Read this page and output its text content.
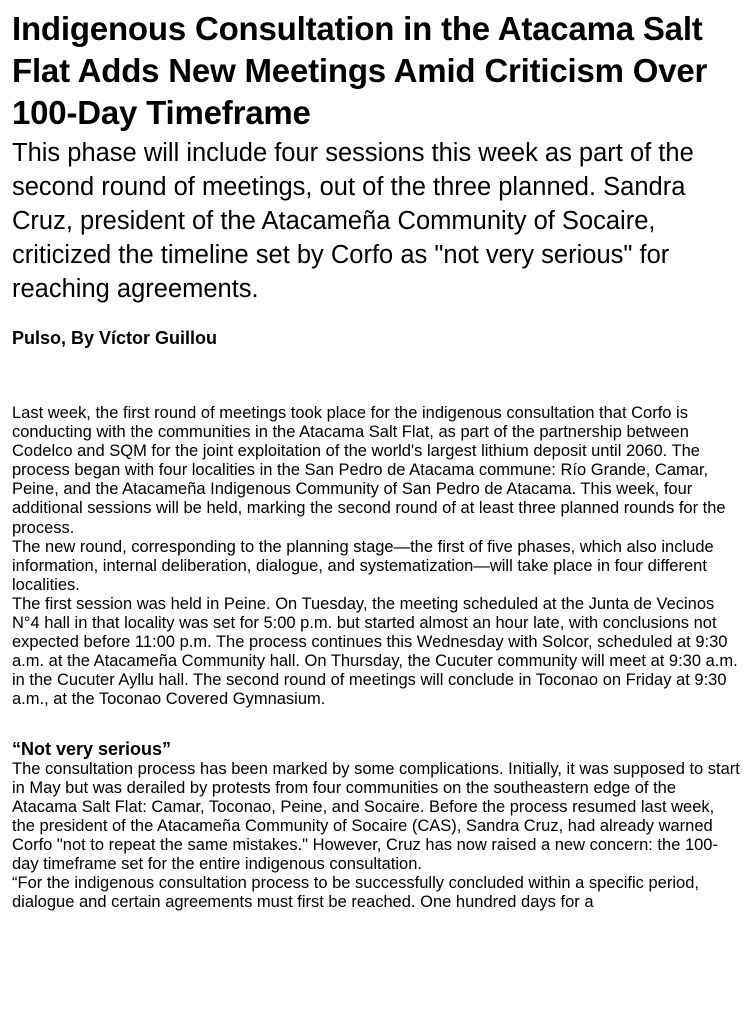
Indigenous Consultation in the Atacama Salt Flat Adds New Meetings Amid Criticism Over 100-Day Timeframe
This phase will include four sessions this week as part of the second round of meetings, out of the three planned. Sandra Cruz, president of the Atacameña Community of Socaire, criticized the timeline set by Corfo as "not very serious" for reaching agreements.

Pulso, By Víctor Guillou

Last week, the first round of meetings took place for the indigenous consultation that Corfo is conducting with the communities in the Atacama Salt Flat, as part of the partnership between Codelco and SQM for the joint exploitation of the world's largest lithium deposit until 2060. The process began with four localities in the San Pedro de Atacama commune: Río Grande, Camar, Peine, and the Atacameña Indigenous Community of San Pedro de Atacama. This week, four additional sessions will be held, marking the second round of at least three planned rounds for the process.

The new round, corresponding to the planning stage—the first of five phases, which also include information, internal deliberation, dialogue, and systematization—will take place in four different localities.

The first session was held in Peine. On Tuesday, the meeting scheduled at the Junta de Vecinos N°4 hall in that locality was set for 5:00 p.m. but started almost an hour late, with conclusions not expected before 11:00 p.m. The process continues this Wednesday with Solcor, scheduled at 9:30 a.m. at the Atacameña Community hall. On Thursday, the Cucuter community will meet at 9:30 a.m. in the Cucuter Ayllu hall. The second round of meetings will conclude in Toconao on Friday at 9:30 a.m., at the Toconao Covered Gymnasium.

“Not very serious”

The consultation process has been marked by some complications. Initially, it was supposed to start in May but was derailed by protests from four communities on the southeastern edge of the Atacama Salt Flat: Camar, Toconao, Peine, and Socaire. Before the process resumed last week, the president of the Atacameña Community of Socaire (CAS), Sandra Cruz, had already warned Corfo "not to repeat the same mistakes." However, Cruz has now raised a new concern: the 100-day timeframe set for the entire indigenous consultation.

“For the indigenous consultation process to be successfully concluded within a specific period, dialogue and certain agreements must first be reached. One hundred days for a
